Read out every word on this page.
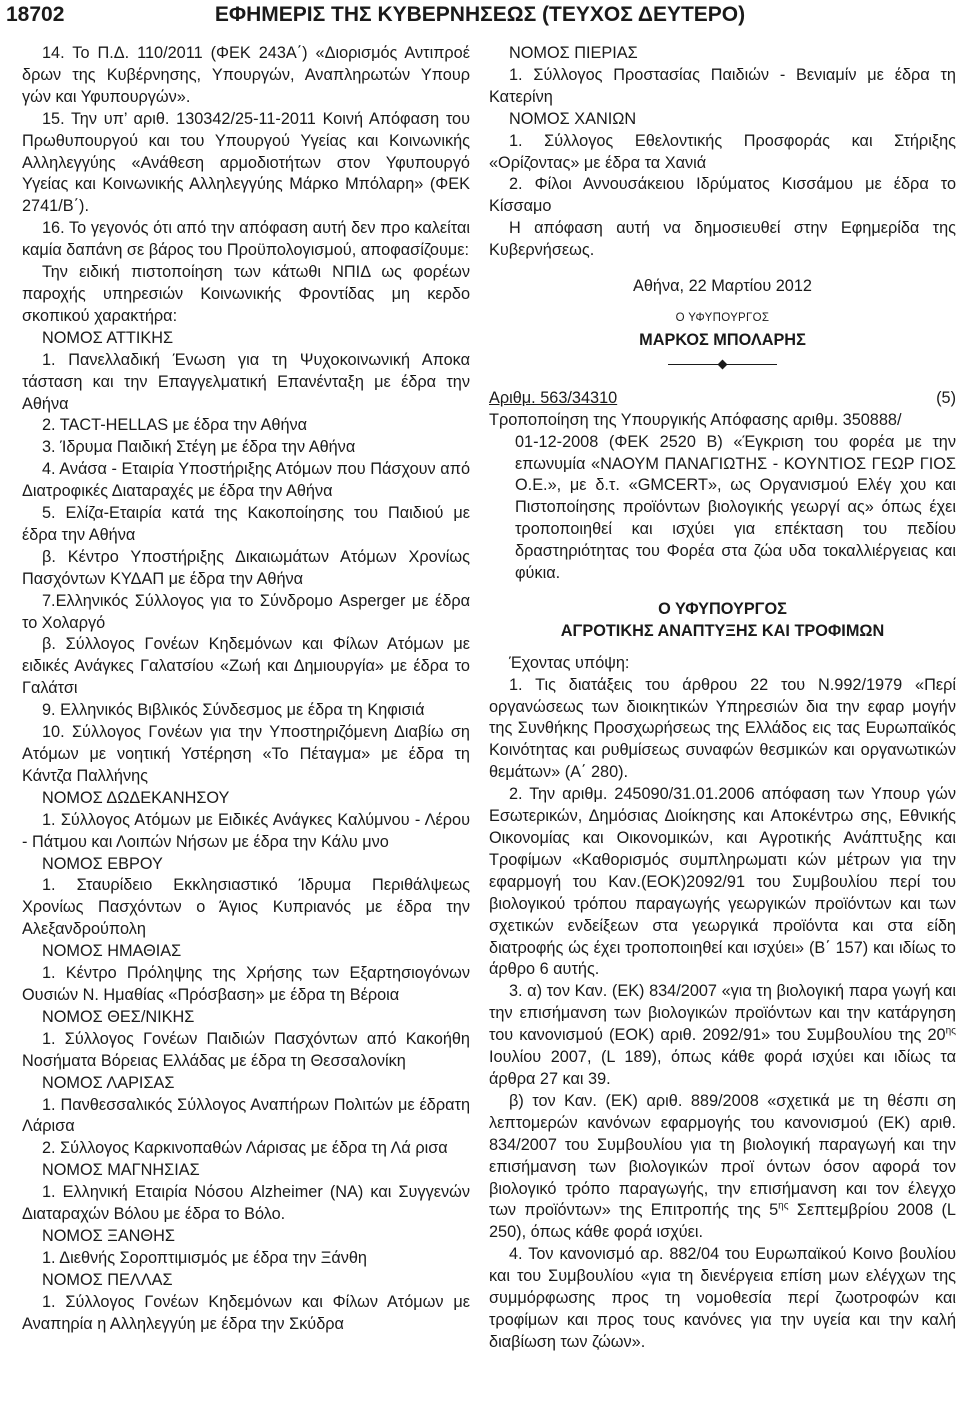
18702	ΕΦΗΜΕΡΙΣ ΤΗΣ ΚΥΒΕΡΝΗΣΕΩΣ (ΤΕΥΧΟΣ ΔΕΥΤΕΡΟ)

14. Το Π.Δ. 110/2011 (ΦΕΚ 243Α΄) «Διορισμός Αντιπροέ δρων της Κυβέρνησης, Υπουργών, Αναπληρωτών Υπουρ γών και Υφυπουργών».

15. Την υπ’ αριθ. 130342/25-11-2011 Κοινή Απόφαση του Πρωθυπουργού και του Υπουργού Υγείας και Κοινωνικής Αλληλεγγύης «Ανάθεση αρμοδιοτήτων στον Υφυπουργό Υγείας και Κοινωνικής Αλληλεγγύης Μάρκο Μπόλαρη» (ΦΕΚ 2741/Β΄).

16. Το γεγονός ότι από την απόφαση αυτή δεν προ καλείται καμία δαπάνη σε βάρος του Προϋπολογισμού, αποφασίζουμε:

Την ειδική πιστοποίηση των κάτωθι ΝΠΙΔ ως φορέων παροχής υπηρεσιών Κοινωνικής Φροντίδας μη κερδο σκοπικού χαρακτήρα:

ΝΟΜΟΣ ΑΤΤΙΚΗΣ

1. Πανελλαδική Ένωση για τη Ψυχοκοινωνική Αποκα τάσταση και την Επαγγελματική Επανένταξη με έδρα την Αθήνα

2. TACT-HELLAS με έδρα την Αθήνα

3. Ίδρυμα Παιδική Στέγη με έδρα την Αθήνα

4. Ανάσα - Εταιρία Υποστήριξης Ατόμων που Πάσχουν από Διατροφικές Διαταραχές με έδρα την Αθήνα

5. Ελίζα-Εταιρία κατά της Κακοποίησης του Παιδιού με έδρα την Αθήνα

β. Κέντρο Υποστήριξης Δικαιωμάτων Ατόμων Χρονίως Πασχόντων ΚΥΔΑΠ με έδρα την Αθήνα

7.Ελληνικός Σύλλογος για το Σύνδρομο Asperger με έδρα το Χολαργό

β. Σύλλογος Γονέων Κηδεμόνων και Φίλων Ατόμων με ειδικές Ανάγκες Γαλατσίου «Ζωή και Δημιουργία» με έδρα το Γαλάτσι

9. Ελληνικός Βιβλικός Σύνδεσμος με έδρα τη Κηφισιά

10. Σύλλογος Γονέων για την Υποστηριζόμενη Διαβίω ση Ατόμων με νοητική Υστέρηση «Το Πέταγμα» με έδρα τη Κάντζα Παλλήνης

ΝΟΜΟΣ ΔΩΔΕΚΑΝΗΣΟΥ

1. Σύλλογος Ατόμων με Ειδικές Ανάγκες Καλύμνου - Λέρου - Πάτμου και Λοιπών Νήσων με έδρα την Κάλυ μνο

ΝΟΜΟΣ ΕΒΡΟΥ

1. Σταυρίδειο Εκκλησιαστικό Ίδρυμα Περιθάλψεως Χρονίως Πασχόντων ο Άγιος Κυπριανός με έδρα την Αλεξανδρούπολη

ΝΟΜΟΣ ΗΜΑΘΙΑΣ

1. Κέντρο Πρόληψης της Χρήσης των Εξαρτησιογόνων Ουσιών Ν. Ημαθίας «Πρόσβαση» με έδρα τη Βέροια

ΝΟΜΟΣ ΘΕΣ/ΝΙΚΗΣ

1. Σύλλογος Γονέων Παιδιών Πασχόντων από Κακοήθη Νοσήματα Βόρειας Ελλάδας με έδρα τη Θεσσαλονίκη

ΝΟΜΟΣ ΛΑΡΙΣΑΣ

1. Πανθεσσαλικός Σύλλογος Αναπήρων Πολιτών με έδρατη Λάρισα

2. Σύλλογος Καρκινοπαθών Λάρισας με έδρα τη Λά ρισα

ΝΟΜΟΣ ΜΑΓΝΗΣΙΑΣ

1. Ελληνική Εταιρία Νόσου Alzheimer (NA) και Συγγενών Διαταραχών Βόλου με έδρα το Βόλο.

ΝΟΜΟΣ ΞΑΝΘΗΣ

1. Διεθνής Σοροπτιμισμός με έδρα την Ξάνθη

ΝΟΜΟΣ ΠΕΛΛΑΣ

1. Σύλλογος Γονέων Κηδεμόνων και Φίλων Ατόμων με Αναπηρία η Αλληλεγγύη με έδρα την Σκύδρα

ΝΟΜΟΣ ΠΙΕΡΙΑΣ

1. Σύλλογος Προστασίας Παιδιών - Βενιαμίν με έδρα τη Κατερίνη

ΝΟΜΟΣ ΧΑΝΙΩΝ

1. Σύλλογος Εθελοντικής Προσφοράς και Στήριξης «Ορίζοντας» με έδρα τα Χανιά

2. Φίλοι Αννουσάκειου Ιδρύματος Κισσάμου με έδρα το Κίσσαμο

Η απόφαση αυτή να δημοσιευθεί στην Εφημερίδα της Κυβερνήσεως.

Αθήνα, 22 Μαρτίου 2012

Ο ΥΦΥΠΟΥΡΓΟΣ

ΜΑΡΚΟΣ ΜΠΟΛΑΡΗΣ

Αριθμ. 563/34310	(5)

Τροποποίηση της Υπουργικής Απόφασης αριθμ. 350888/

01-12-2008 (ΦΕΚ 2520 Β) «Έγκριση του φορέα με την επωνυμία «ΝΑΟΥΜ ΠΑΝΑΓΙΩΤΗΣ - ΚΟΥΝΤΙΟΣ ΓΕΩΡ ΓΙΟΣ Ο.Ε.», με δ.τ. «GMCERT», ως Οργανισμού Ελέγ χου και Πιστοποίησης προϊόντων βιολογικής γεωργί ας» όπως έχει τροποποιηθεί και ισχύει για επέκταση του πεδίου δραστηριότητας του Φορέα στα ζώα υδα τοκαλλιέργειας και φύκια.

Ο ΥΦΥΠΟΥΡΓΟΣ

ΑΓΡΟΤΙΚΗΣ ΑΝΑΠΤΥΞΗΣ ΚΑΙ ΤΡΟΦΙΜΩΝ

Έχοντας υπόψη:

1. Τις διατάξεις του άρθρου 22 του Ν.992/1979 «Περί οργανώσεως των διοικητικών Υπηρεσιών δια την εφαρ μογήν της Συνθήκης Προσχωρήσεως της Ελλάδος εις τας Ευρωπαϊκός Κοινότητας και ρυθμίσεως συναφών θεσμικών και οργανωτικών θεμάτων» (Α΄ 280).

2. Την αριθμ. 245090/31.01.2006 απόφαση των Υπουρ γών Εσωτερικών, Δημόσιας Διοίκησης και Αποκέντρω σης, Εθνικής Οικονομίας και Οικονομικών, και Αγροτικής Ανάπτυξης και Τροφίμων «Καθορισμός συμπληρωματι κών μέτρων για την εφαρμογή του Καν.(ΕΟΚ)2092/91 του Συμβουλίου περί του βιολογικού τρόπου παραγωγής γεωργικών προϊόντων και των σχετικών ενδείξεων στα γεωργικά προϊόντα και στα είδη διατροφής ώς έχει τροποποιηθεί και ισχύει» (Β΄ 157) και ιδίως το άρθρο 6 αυτής.

3. α) τον Καν. (ΕΚ) 834/2007 «για τη βιολογική παρα γωγή και την επισήμανση των βιολογικών προϊόντων και την κατάργηση του κανονισμού (ΕΟΚ) αριθ. 2092/91» του Συμβουλίου της $20^{\eta\varsigma}$ Ιουλίου 2007, (L 189), όπως κάθε φορά ισχύει και ιδίως τα άρθρα 27 και 39.

β) τον Καν. (ΕΚ) αριθ. 889/2008 «σχετικά με τη θέσπι ση λεπτομερών κανόνων εφαρμογής του κανονισμού (ΕΚ) αριθ. 834/2007 του Συμβουλίου για τη βιολογική παραγωγή και την επισήμανση των βιολογικών προϊ όντων όσον αφορά τον βιολογικό τρόπο παραγωγής, την επισήμανση και τον έλεγχο των προϊόντων» της Επιτροπής της $5^{\eta\varsigma}$ Σεπτεμβρίου 2008 (L 250), όπως κάθε φορά ισχύει.

4. Τον κανονισμό αρ. 882/04 του Ευρωπαϊκού Κοινο βουλίου και του Συμβουλίου «για τη διενέργεια επίση μων ελέγχων της συμμόρφωσης προς τη νομοθεσία περί ζωοτροφών και τροφίμων και προς τους κανόνες για την υγεία και την καλή διαβίωση των ζώων».
